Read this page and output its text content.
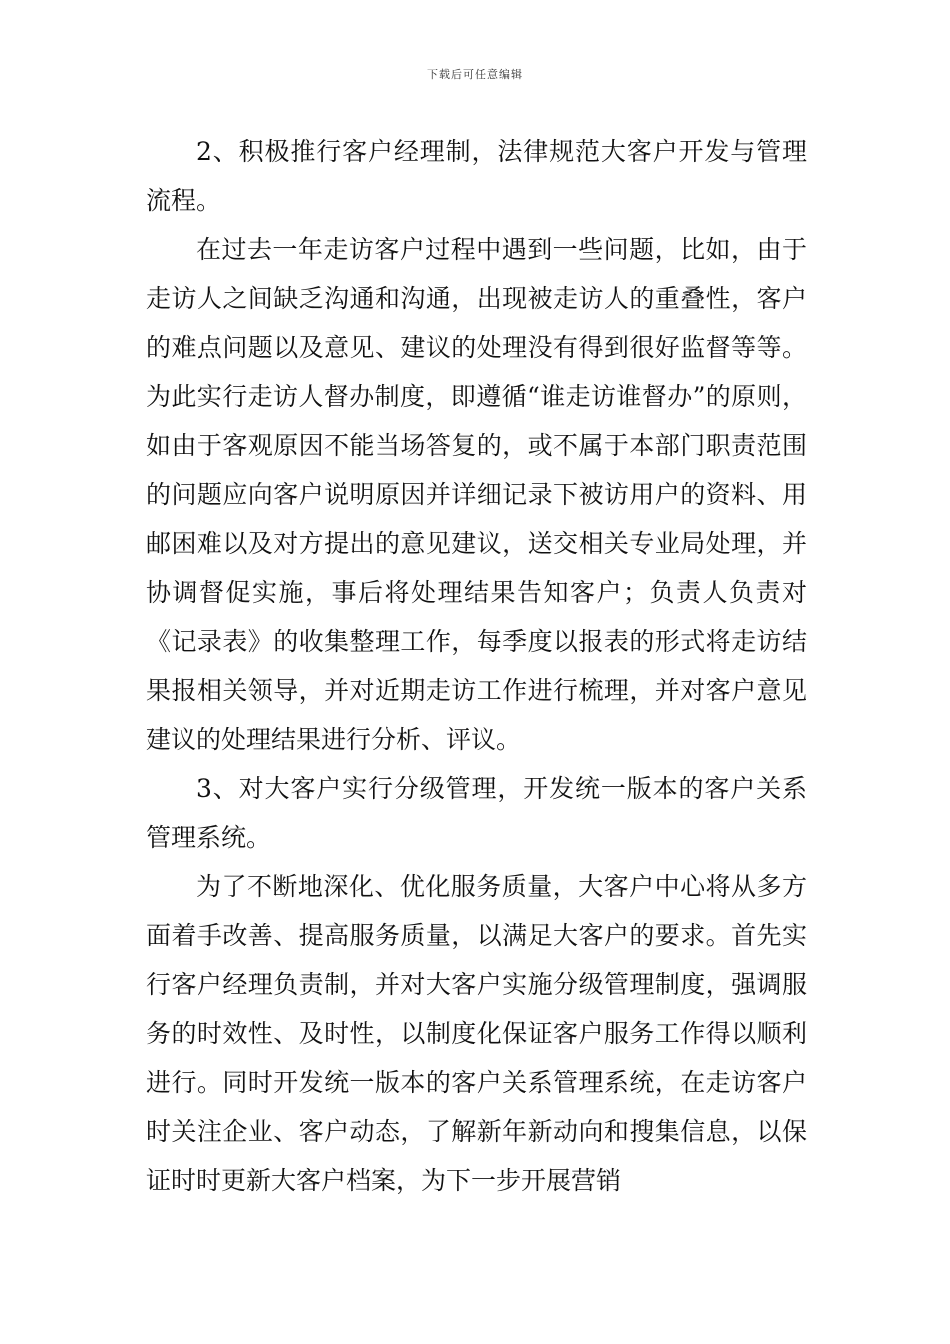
下载后可任意编辑

2、积极推行客户经理制，法律规范大客户开发与管理流程。

在过去一年走访客户过程中遇到一些问题，比如，由于走访人之间缺乏沟通和沟通，出现被走访人的重叠性，客户的难点问题以及意见、建议的处理没有得到很好监督等等。为此实行走访人督办制度，即遵循“谁走访谁督办”的原则，如由于客观原因不能当场答复的，或不属于本部门职责范围的问题应向客户说明原因并详细记录下被访用户的资料、用邮困难以及对方提出的意见建议，送交相关专业局处理，并协调督促实施，事后将处理结果告知客户；负责人负责对《记录表》的收集整理工作，每季度以报表的形式将走访结果报相关领导，并对近期走访工作进行梳理，并对客户意见建议的处理结果进行分析、评议。

3、对大客户实行分级管理，开发统一版本的客户关系管理系统。

为了不断地深化、优化服务质量，大客户中心将从多方面着手改善、提高服务质量，以满足大客户的要求。首先实行客户经理负责制，并对大客户实施分级管理制度，强调服务的时效性、及时性，以制度化保证客户服务工作得以顺利进行。同时开发统一版本的客户关系管理系统，在走访客户时关注企业、客户动态，了解新年新动向和搜集信息，以保证时时更新大客户档案，为下一步开展营销
